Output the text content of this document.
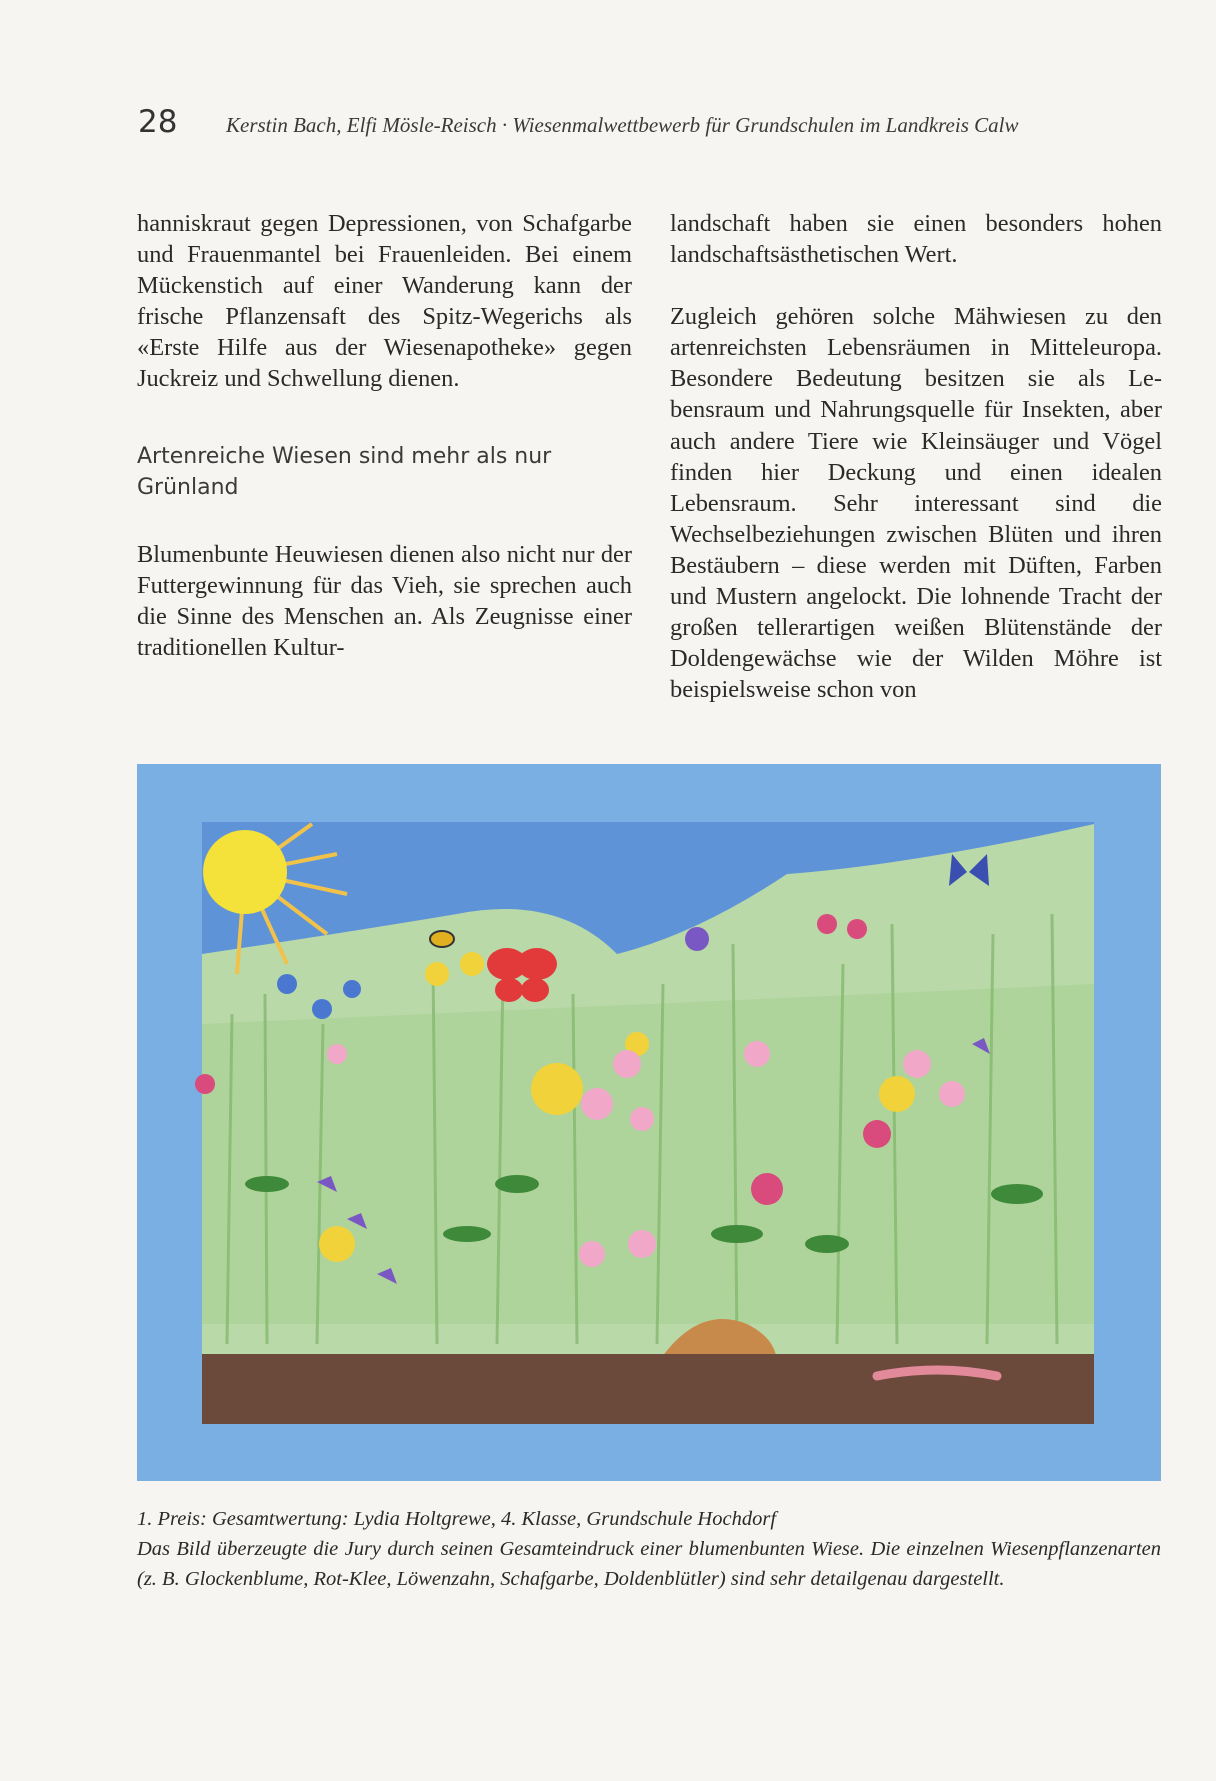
28 Kerstin Bach, Elfi Mösle-Reisch · Wiesenmalwettbewerb für Grundschulen im Landkreis Calw

hanniskraut gegen Depressionen, von Schafgarbe und Frauenmantel bei Frauenleiden. Bei einem Mückenstich auf einer Wanderung kann der frische Pflanzensaft des Spitz-Wegerichs als «Erste Hilfe aus der Wiesenapotheke» gegen Juckreiz und Schwellung dienen.

Artenreiche Wiesen sind mehr als nur Grünland

Blumenbunte Heuwiesen dienen also nicht nur der Futtergewinnung für das Vieh, sie sprechen auch die Sinne des Menschen an. Als Zeugnisse einer traditionellen Kultur-

landschaft haben sie einen besonders hohen landschaftsästhetischen Wert.

Zugleich gehören solche Mähwiesen zu den artenreichsten Lebensräumen in Mitteleuropa. Besondere Bedeutung besitzen sie als Lebensraum und Nahrungsquelle für Insekten, aber auch andere Tiere wie Kleinsäuger und Vögel finden hier Deckung und einen idealen Lebensraum. Sehr interessant sind die Wechselbeziehungen zwischen Blüten und ihren Bestäubern – diese werden mit Düften, Farben und Mustern angelockt. Die lohnende Tracht der großen tellerartigen weißen Blütenstände der Doldengewächse wie der Wilden Möhre ist beispielsweise schon von

1. Preis: Gesamtwertung: Lydia Holtgrewe, 4. Klasse, Grundschule Hochdorf
Das Bild überzeugte die Jury durch seinen Gesamteindruck einer blumenbunten Wiese. Die einzelnen Wiesenpflanzenarten (z. B. Glockenblume, Rot-Klee, Löwenzahn, Schafgarbe, Doldenblütler) sind sehr detailgenau dargestellt.
